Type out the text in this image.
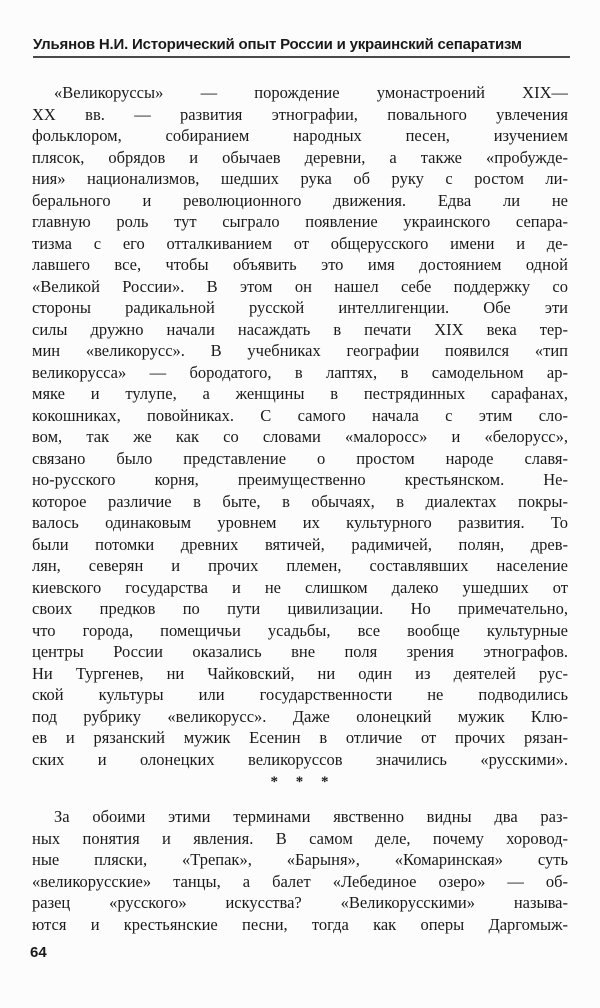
Ульянов Н.И. Исторический опыт России и украинский сепаратизм
«Великоруссы» — порождение умонастроений XIX—
XX вв. — развития этнографии, повального увлечения
фольклором, собиранием народных песен, изучением
плясок, обрядов и обычаев деревни, а также «пробужде-
ния» национализмов, шедших рука об руку с ростом ли-
берального и революционного движения. Едва ли не
главную роль тут сыграло появление украинского сепара-
тизма с его отталкиванием от общерусского имени и де-
лавшего все, чтобы объявить это имя достоянием одной
«Великой России». В этом он нашел себе поддержку со
стороны радикальной русской интеллигенции. Обе эти
силы дружно начали насаждать в печати XIX века тер-
мин «великорусс». В учебниках географии появился «тип
великорусса» — бородатого, в лаптях, в самодельном ар-
мяке и тулупе, а женщины в пестрядинных сарафанах,
кокошниках, повойниках. С самого начала с этим сло-
вом, так же как со словами «малоросс» и «белорусс»,
связано было представление о простом народе славя-
но-русского корня, преимущественно крестьянском. Не-
которое различие в быте, в обычаях, в диалектах покры-
валось одинаковым уровнем их культурного развития. То
были потомки древних вятичей, радимичей, полян, древ-
лян, северян и прочих племен, составлявших население
киевского государства и не слишком далеко ушедших от
своих предков по пути цивилизации. Но примечательно,
что города, помещичьи усадьбы, все вообще культурные
центры России оказались вне поля зрения этнографов.
Ни Тургенев, ни Чайковский, ни один из деятелей рус-
ской культуры или государственности не подводились
под рубрику «великорусс». Даже олонецкий мужик Клю-
ев и рязанский мужик Есенин в отличие от прочих рязан-
ских и олонецких великоруссов значились «русскими».
* * *
За обоими этими терминами явственно видны два раз-
ных понятия и явления. В самом деле, почему хоровод-
ные пляски, «Трепак», «Барыня», «Комаринская» суть
«великорусские» танцы, а балет «Лебединое озеро» — об-
разец «русского» искусства? «Великорусскими» называ-
ются и крестьянские песни, тогда как оперы Даргомыж-
64
